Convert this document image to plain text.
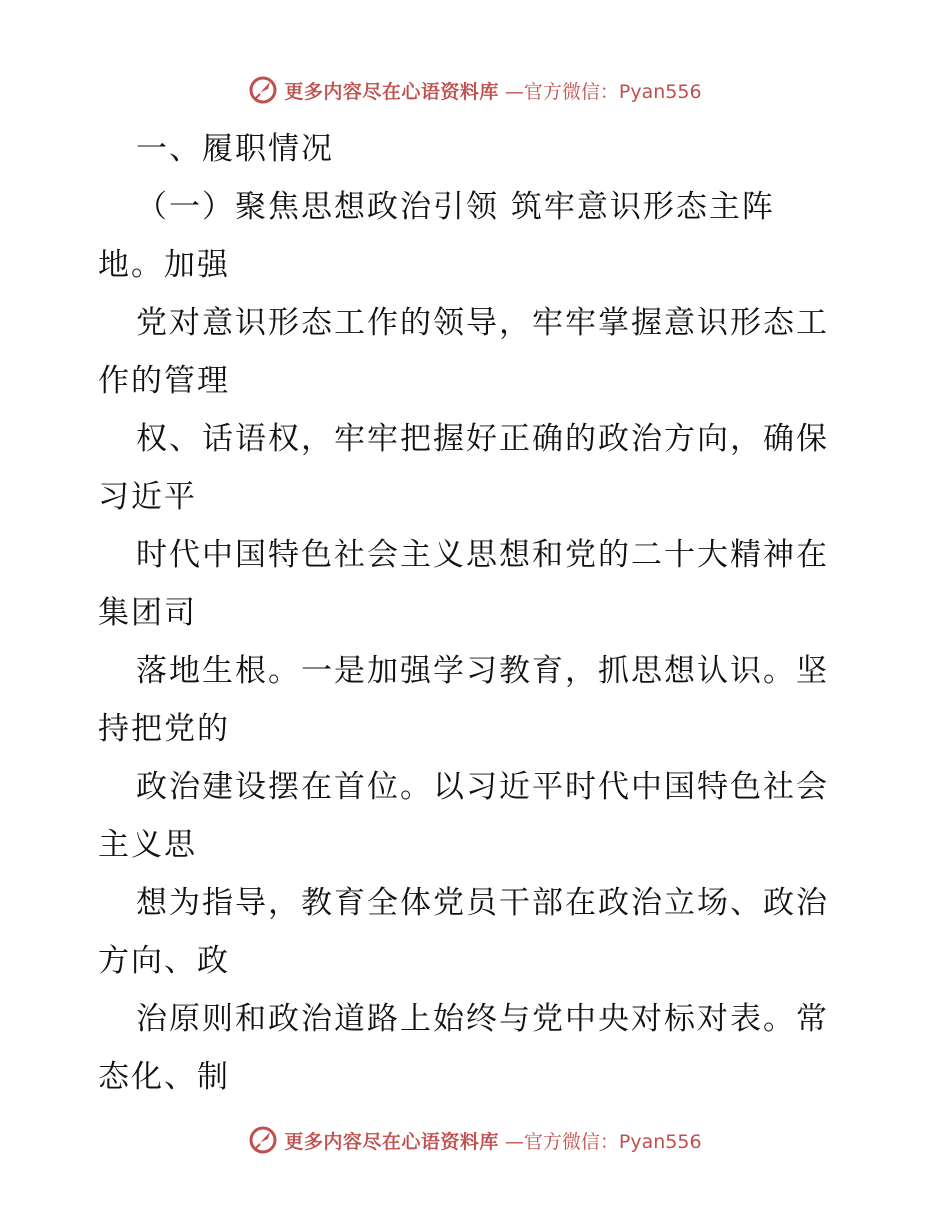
更多内容尽在心语资料库 —官方微信：Pyan556
一、履职情况
（一）聚焦思想政治引领 筑牢意识形态主阵
地。加强
党对意识形态工作的领导，牢牢掌握意识形态工
作的管理
权、话语权，牢牢把握好正确的政治方向，确保
习近平
时代中国特色社会主义思想和党的二十大精神在
集团司
落地生根。一是加强学习教育，抓思想认识。坚
持把党的
政治建设摆在首位。以习近平时代中国特色社会
主义思
想为指导，教育全体党员干部在政治立场、政治
方向、政
治原则和政治道路上始终与党中央对标对表。常
态化、制
更多内容尽在心语资料库 —官方微信：Pyan556
